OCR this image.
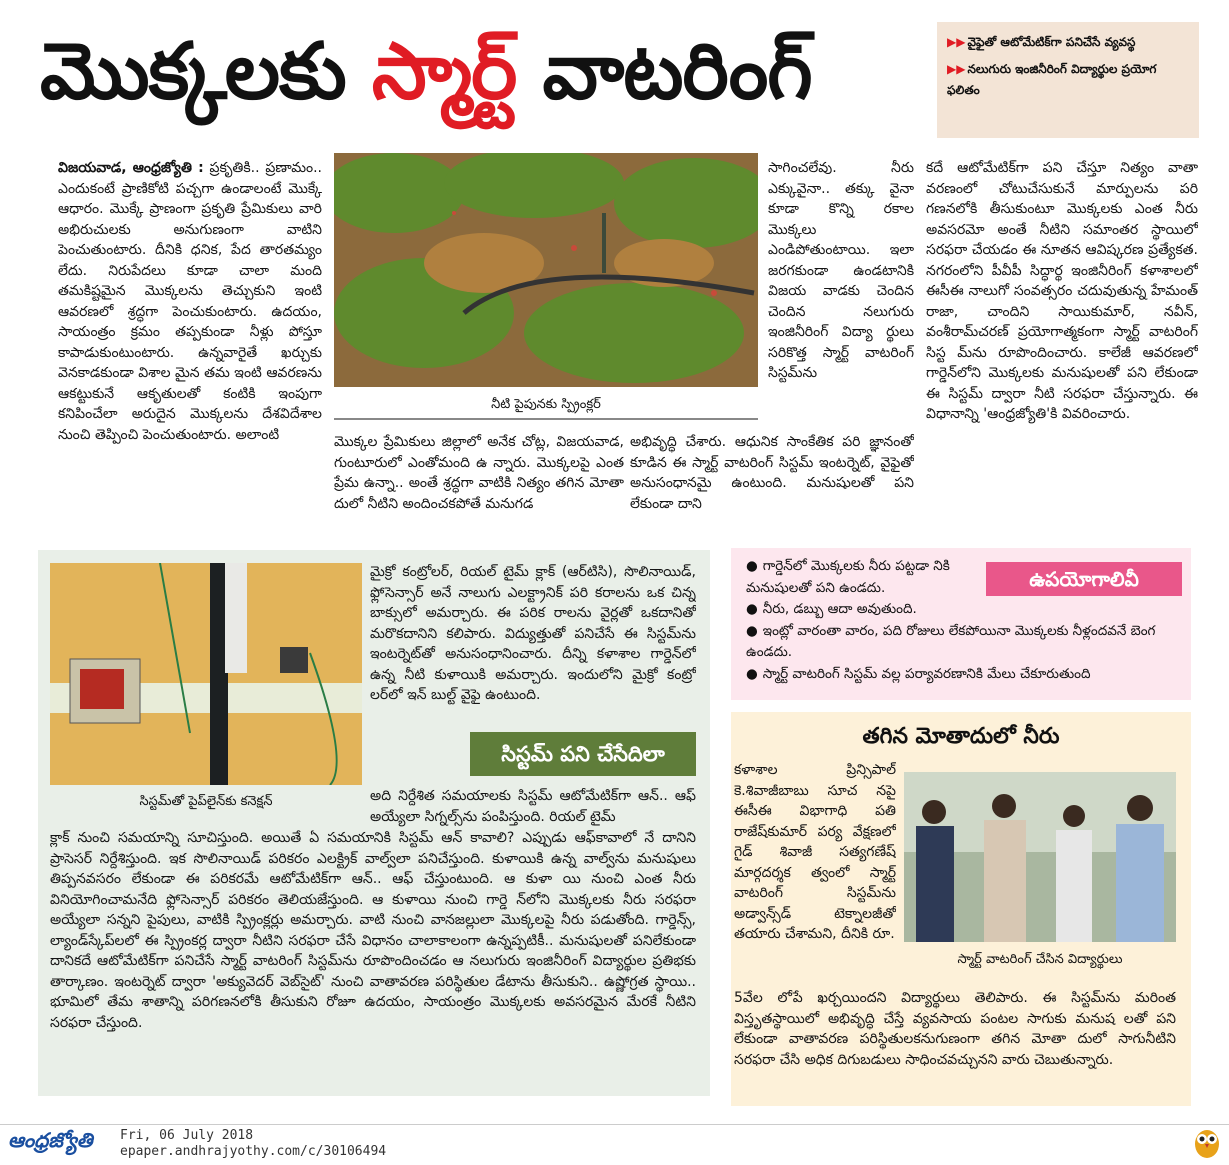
మొక్కలకు స్మార్ట్ వాటరింగ్	▶▶ వైఫైతో ఆటోమేటిక్‌గా పనిచేసే వ్యవస్థ
▶▶ నలుగురు ఇంజినీరింగ్ విద్యార్థుల ప్రయోగ ఫలితం
విజయవాడ, ఆంధ్రజ్యోతి : ప్రకృతికి.. ప్రణామం.. ఎందుకంటే ప్రాణికోటి పచ్చగా ఉండాలంటే మొక్కే ఆధారం. మొక్కే ప్రాణంగా ప్రకృతి ప్రేమికులు వారి అభిరుచులకు అనుగుణంగా వాటిని పెంచుతుంటారు. దీనికి ధనిక, పేద తారతమ్యం లేదు. నిరుపేదలు కూడా చాలా మంది తమకిష్టమైన మొక్కలను తెచ్చుకుని ఇంటి ఆవరణలో శ్రద్ధగా పెంచుకుంటారు. ఉదయం, సాయంత్రం క్రమం తప్పకుండా నీళ్లు పోస్తూ కాపాడుకుంటుంటారు. ఉన్నవారైతే ఖర్చుకు వెనకాడకుండా విశాల మైన తమ ఇంటి ఆవరణను ఆకట్టుకునే ఆకృతులతో కంటికి ఇంపుగా కనిపించేలా అరుదైన మొక్కలను దేశవిదేశాల నుంచి తెప్పించి పెంచుతుంటారు. అలాంటి
నీటి పైపునకు స్ప్రింక్లర్
మొక్కల ప్రేమికులు జిల్లాలో అనేక చోట్ల, విజయవాడ, గుంటూరులో ఎంతోమంది ఉ న్నారు. మొక్కలపై ఎంత ప్రేమ ఉన్నా.. అంతే శ్రద్ధగా వాటికి నిత్యం తగిన మోతా దులో నీటిని అందించకపోతే మనుగడ
సాగించలేవు. నీరు ఎక్కువైనా.. తక్కు వైనా కూడా కొన్ని రకాల మొక్కలు ఎండిపోతుంటాయి. ఇలా జరగకుండా ఉండటానికి విజయ వాడకు చెందిన చెందిన నలుగురు ఇంజినీరింగ్ విద్యా ర్థులు సరికొత్త స్మార్ట్ వాటరింగ్ సిస్టమ్‌ను
అభివృద్ధి చేశారు. ఆధునిక సాంకేతిక పరి జ్ఞానంతో కూడిన ఈ స్మార్ట్ వాటరింగ్ సిస్టమ్ ఇంటర్నెట్, వైఫైతో అనుసంధానమై ఉంటుంది. మనుషులతో పని లేకుండా దాని
కదే ఆటోమేటిక్‌గా పని చేస్తూ నిత్యం వాతా వరణంలో చోటుచేసుకునే మార్పులను పరి గణనలోకి తీసుకుంటూ మొక్కలకు ఎంత నీరు అవసరమో అంతే నీటిని సమాంతర స్థాయిలో సరఫరా చేయడం ఈ నూతన ఆవిష్కరణ ప్రత్యేకత. నగరంలోని పీవీపీ సిద్ధార్థ ఇంజినీరింగ్ కళాశాలలో ఈసీఈ నాలుగో సంవత్సరం చదువుతున్న హేమంత్ రాజా, చాందిని సాయికుమార్, నవీన్, వంశీరామ్‌చరణ్ ప్రయోగాత్మకంగా స్మార్ట్ వాటరింగ్ సిస్ట మ్‌ను రూపొందించారు. కాలేజీ ఆవరణలో గార్డెన్‌లోని మొక్కలకు మనుషులతో పని లేకుండా ఈ సిస్టమ్ ద్వారా నీటి సరఫరా చేస్తున్నారు. ఈ విధానాన్ని 'ఆంధ్రజ్యోతి'కి వివరించారు.
సిస్టమ్‌తో పైప్‌లైన్‌కు కనెక్షన్
మైక్రో కంట్రోలర్, రియల్ టైమ్ క్లాక్ (ఆర్‌టిసి), సొలినాయిడ్, ఫ్లోసెన్సార్ అనే నాలుగు ఎలక్ట్రానిక్ పరి కరాలను ఒక చిన్న బాక్సులో అమర్చారు. ఈ పరిక రాలను వైర్లతో ఒకదానితో మరొకదానిని కలిపారు. విద్యుత్తుతో పనిచేసే ఈ సిస్టమ్‌ను ఇంటర్నెట్‌తో అనుసంధానించారు. దీన్ని కళాశాల గార్డెన్‌లో ఉన్న నీటి కుళాయికి అమర్చారు. ఇందులోని మైక్రో కంట్రో లర్‌లో ఇన్ బుల్ట్ వైఫై ఉంటుంది.
సిస్టమ్ పని చేసేదిలా
అది నిర్దేశిత సమయాలకు సిస్టమ్ ఆటోమేటిక్‌గా ఆన్.. ఆఫ్ అయ్యేలా సిగ్నల్స్‌ను పంపిస్తుంది. రియల్ టైమ్
క్లాక్ నుంచి సమయాన్ని సూచిస్తుంది. అయితే ఏ సమయానికి సిస్టమ్ ఆన్ కావాలి? ఎప్పుడు ఆఫ్‌కావాలో నే దానిని ప్రాసెసర్ నిర్దేశిస్తుంది. ఇక సొలినాయిడ్ పరికరం ఎలక్ట్రిక్ వాల్వ్‌లా పనిచేస్తుంది. కుళాయికి ఉన్న వాల్వ్‌ను మనుషులు తిప్పనవసరం లేకుండా ఈ పరికరమే ఆటోమేటిక్‌గా ఆన్.. ఆఫ్ చేస్తుంటుంది. ఆ కుళా యి నుంచి ఎంత నీరు వినియోగించామనేది ఫ్లోసెన్సార్ పరికరం తెలియజేస్తుంది. ఆ కుళాయి నుంచి గార్డె న్‌లోని మొక్కలకు నీరు సరఫరా అయ్యేలా సన్నని పైపులు, వాటికి స్ప్రింక్లర్లు అమర్చారు. వాటి నుంచి వానజల్లులా మొక్కలపై నీరు పడుతోంది. గార్డెన్స్, ల్యాండ్‌స్కేప్‌లలో ఈ స్ప్రింకర్ల ద్వారా నీటిని సరఫరా చేసే విధానం చాలాకాలంగా ఉన్నప్పటికీ.. మనుషులతో పనిలేకుండా దానికదే ఆటోమేటిక్‌గా పనిచేసే స్మార్ట్ వాటరింగ్ సిస్టమ్‌ను రూపొందించడం ఆ నలుగురు ఇంజినీరింగ్ విద్యార్థుల ప్రతిభకు తార్కాణం. ఇంటర్నెట్ ద్వారా 'అక్యువెదర్ వెబ్‌సైట్' నుంచి వాతావరణ పరిస్థితుల డేటాను తీసుకుని.. ఉష్ణోగ్రత స్థాయి.. భూమిలో తేమ శాతాన్ని పరిగణనలోకి తీసుకుని రోజూ ఉదయం, సాయంత్రం మొక్కలకు అవసరమైన మేరకే నీటిని సరఫరా చేస్తుంది.
ఉపయోగాలివీ
● గార్డెన్‌లో మొక్కలకు నీరు పట్టడా నికి మనుషులతో పని ఉండదు.
● నీరు, డబ్బు ఆదా అవుతుంది.
● ఇంట్లో వారంతా వారం, పది రోజులు లేకపోయినా మొక్కలకు నీళ్లందవనే బెంగ ఉండదు.
● స్మార్ట్ వాటరింగ్ సిస్టమ్ వల్ల పర్యావరణానికి మేలు చేకూరుతుంది
తగిన మోతాదులో నీరు
కళాశాల ప్రిన్సిపాల్ కె.శివాజీబాబు సూచ నపై ఈసీఈ విభాగాధి పతి రాజేష్‌కుమార్ పర్య వేక్షణలో గైడ్ శివాజీ సత్యగణేష్ మార్గదర్శక త్వంలో స్మార్ట్ వాటరింగ్ సిస్టమ్‌ను అడ్వాన్స్‌డ్ టెక్నాలజీతో తయారు చేశామని, దీనికి రూ.
స్మార్ట్ వాటరింగ్ చేసిన విద్యార్థులు
5వేల లోపే ఖర్చయిందని విద్యార్థులు తెలిపారు. ఈ సిస్టమ్‌ను మరింత విస్తృతస్థాయిలో అభివృద్ధి చేస్తే వ్యవసాయ పంటల సాగుకు మనుష లతో పని లేకుండా వాతావరణ పరిస్థితులకనుగుణంగా తగిన మోతా దులో సాగునీటిని సరఫరా చేసి అధిక దిగుబడులు సాధించవచ్చునని వారు చెబుతున్నారు.
ఆంధ్రజ్యోతి Fri, 06 July 2018
epaper.andhrajyothy.com/c/30106494
